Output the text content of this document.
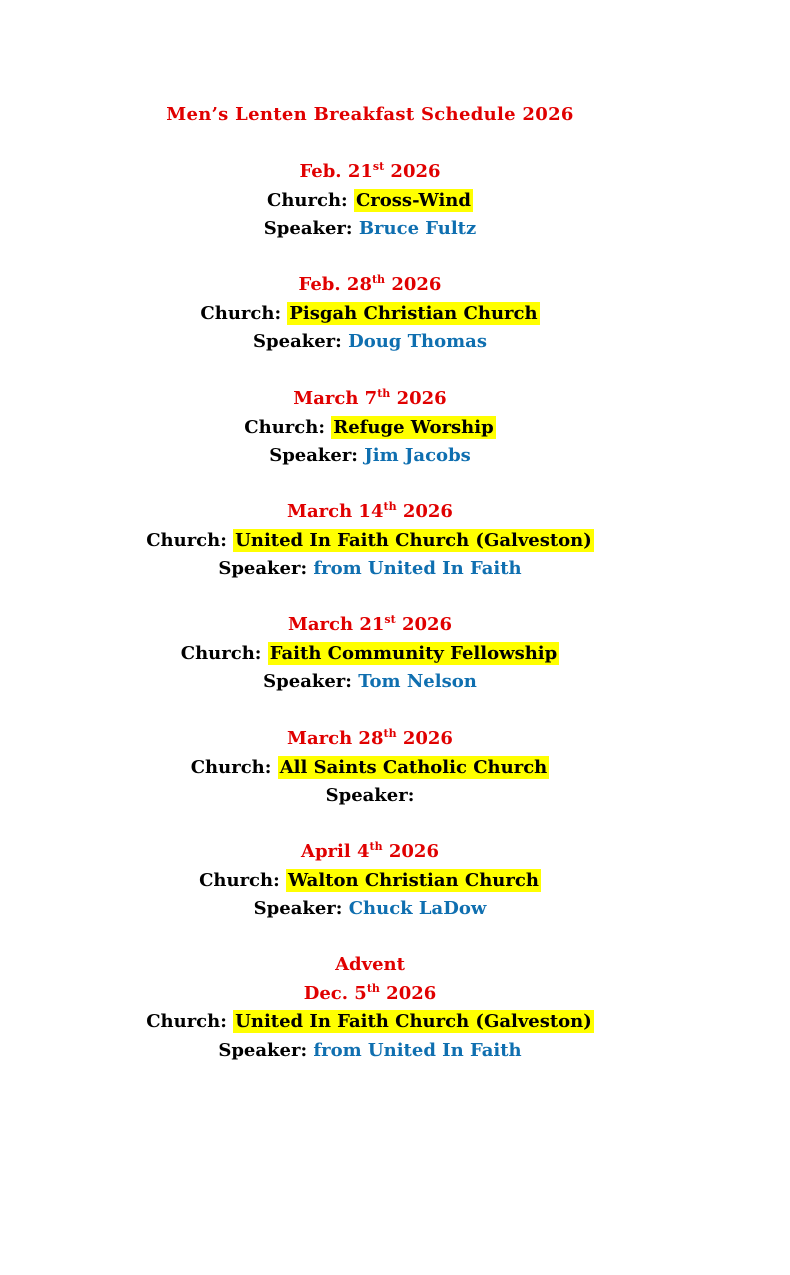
Men’s Lenten Breakfast Schedule 2026
Feb. 21st 2026
Church: Cross-Wind
Speaker: Bruce Fultz
Feb. 28th 2026
Church: Pisgah Christian Church
Speaker: Doug Thomas
March 7th 2026
Church: Refuge Worship
Speaker: Jim Jacobs
March 14th 2026
Church: United In Faith Church (Galveston)
Speaker: from United In Faith
March 21st 2026
Church: Faith Community Fellowship
Speaker: Tom Nelson
March 28th 2026
Church: All Saints Catholic Church
Speaker:
April 4th 2026
Church: Walton Christian Church
Speaker: Chuck LaDow
Advent
Dec. 5th 2026
Church: United In Faith Church (Galveston)
Speaker: from United In Faith
